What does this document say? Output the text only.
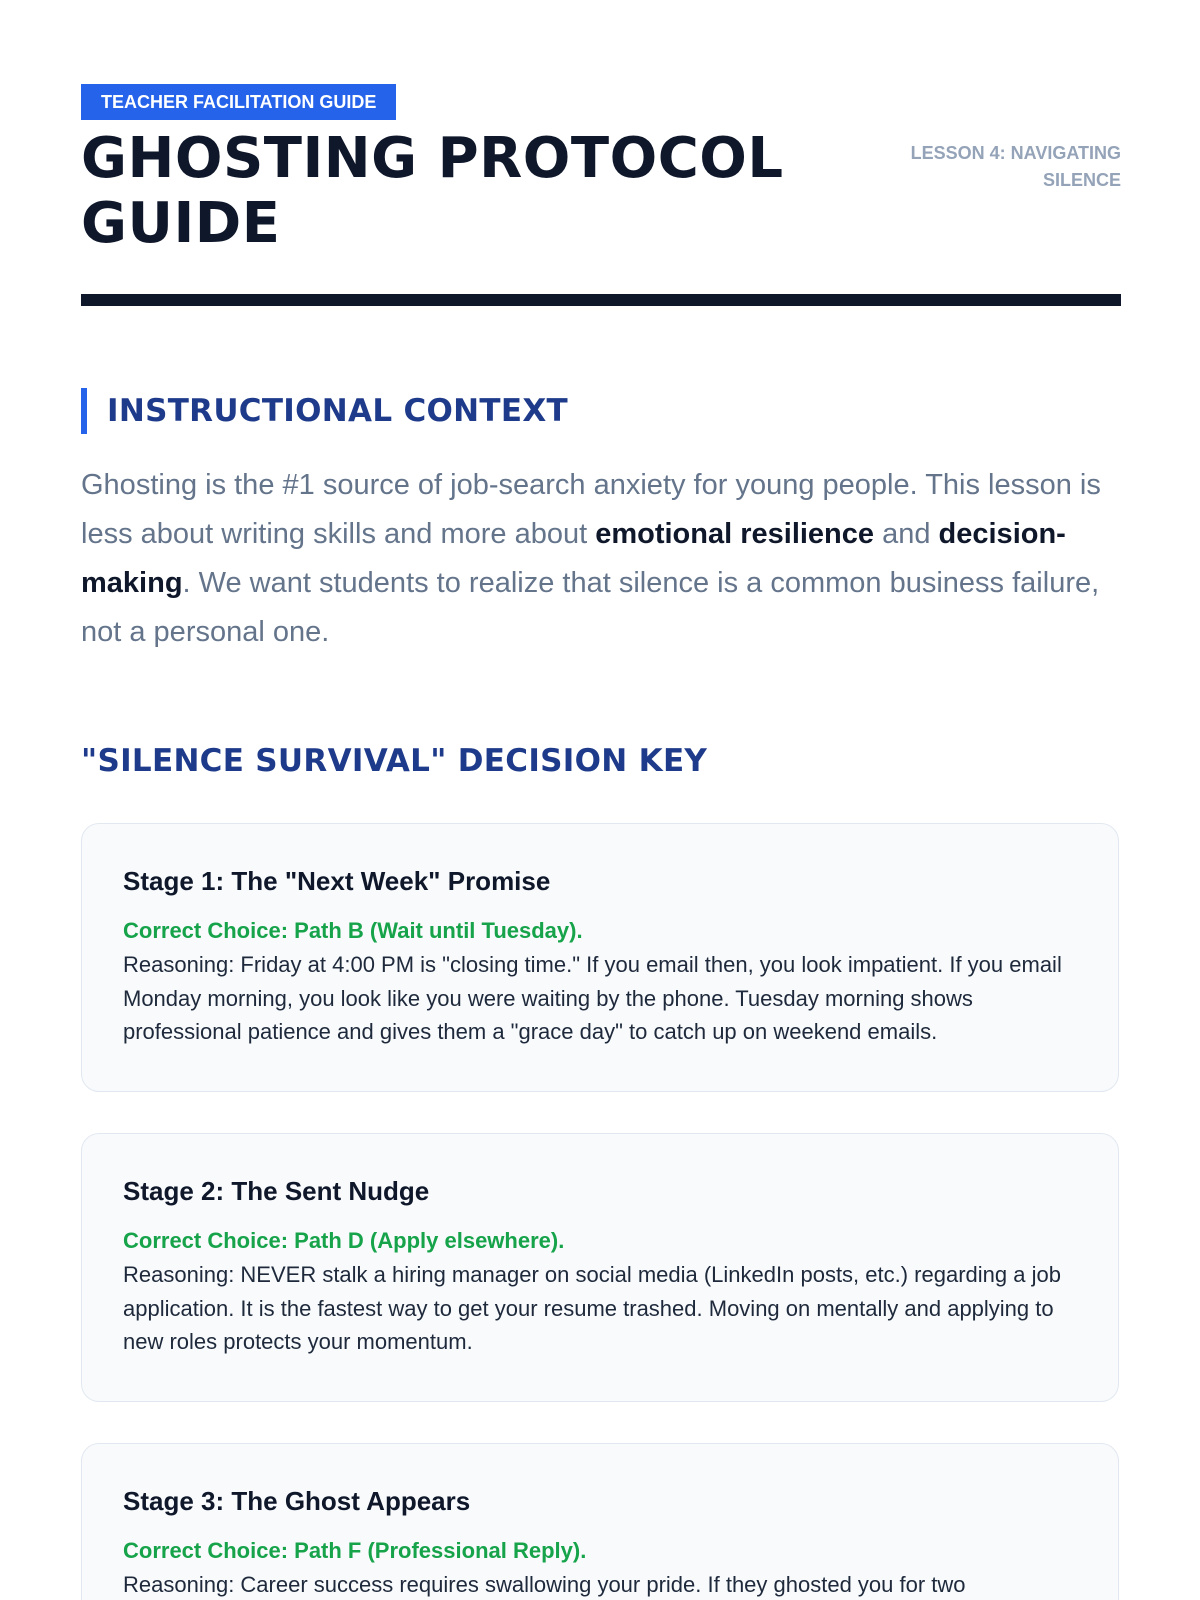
TEACHER FACILITATION GUIDE
GHOSTING PROTOCOL GUIDE
LESSON 4: NAVIGATING SILENCE
INSTRUCTIONAL CONTEXT

Ghosting is the #1 source of job-search anxiety for young people. This lesson is less about writing skills and more about emotional resilience and decision-making. We want students to realize that silence is a common business failure, not a personal one.

"SILENCE SURVIVAL" DECISION KEY
Stage 1: The "Next Week" Promise

Correct Choice: Path B (Wait until Tuesday).

Reasoning: Friday at 4:00 PM is "closing time." If you email then, you look impatient. If you email Monday morning, you look like you were waiting by the phone. Tuesday morning shows professional patience and gives them a "grace day" to catch up on weekend emails.

Stage 2: The Sent Nudge

Correct Choice: Path D (Apply elsewhere).

Reasoning: NEVER stalk a hiring manager on social media (LinkedIn posts, etc.) regarding a job application. It is the fastest way to get your resume trashed. Moving on mentally and applying to new roles protects your momentum.

Stage 3: The Ghost Appears

Correct Choice: Path F (Professional Reply).

Reasoning: Career success requires swallowing your pride. If they ghosted you for two
